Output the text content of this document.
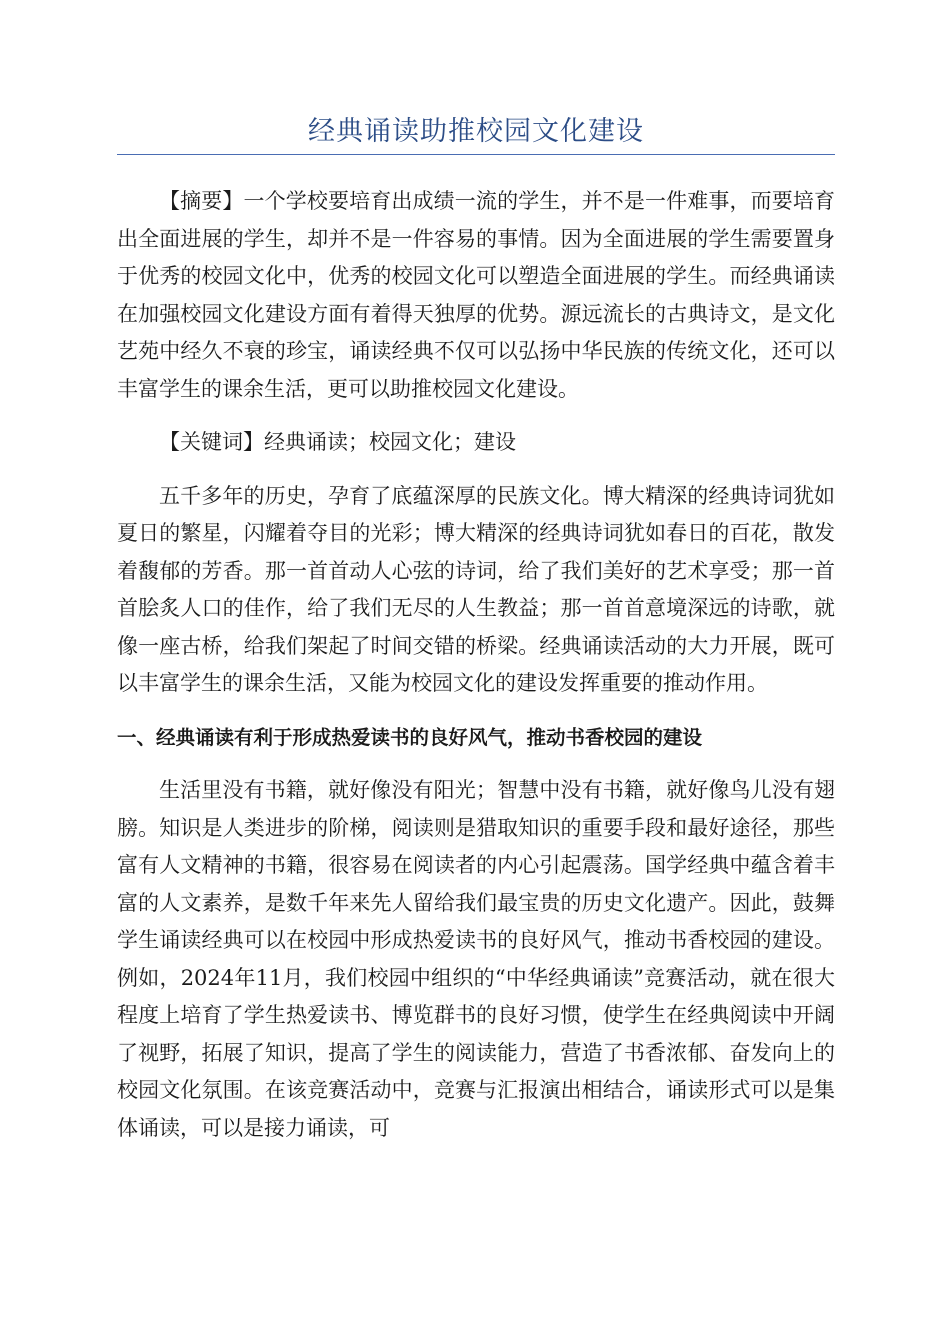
经典诵读助推校园文化建设

【摘要】一个学校要培育出成绩一流的学生，并不是一件难事，而要培育出全面进展的学生，却并不是一件容易的事情。因为全面进展的学生需要置身于优秀的校园文化中，优秀的校园文化可以塑造全面进展的学生。而经典诵读在加强校园文化建设方面有着得天独厚的优势。源远流长的古典诗文，是文化艺苑中经久不衰的珍宝，诵读经典不仅可以弘扬中华民族的传统文化，还可以丰富学生的课余生活，更可以助推校园文化建设。

【关键词】经典诵读；校园文化；建设

五千多年的历史，孕育了底蕴深厚的民族文化。博大精深的经典诗词犹如夏日的繁星，闪耀着夺目的光彩；博大精深的经典诗词犹如春日的百花，散发着馥郁的芳香。那一首首动人心弦的诗词，给了我们美好的艺术享受；那一首首脍炙人口的佳作，给了我们无尽的人生教益；那一首首意境深远的诗歌，就像一座古桥，给我们架起了时间交错的桥梁。经典诵读活动的大力开展，既可以丰富学生的课余生活，又能为校园文化的建设发挥重要的推动作用。

一、经典诵读有利于形成热爱读书的良好风气，推动书香校园的建设

生活里没有书籍，就好像没有阳光；智慧中没有书籍，就好像鸟儿没有翅膀。知识是人类进步的阶梯，阅读则是猎取知识的重要手段和最好途径，那些富有人文精神的书籍，很容易在阅读者的内心引起震荡。国学经典中蕴含着丰富的人文素养，是数千年来先人留给我们最宝贵的历史文化遗产。因此，鼓舞学生诵读经典可以在校园中形成热爱读书的良好风气，推动书香校园的建设。例如，2024年11月，我们校园中组织的“中华经典诵读”竞赛活动，就在很大程度上培育了学生热爱读书、博览群书的良好习惯，使学生在经典阅读中开阔了视野，拓展了知识，提高了学生的阅读能力，营造了书香浓郁、奋发向上的校园文化氛围。在该竞赛活动中，竞赛与汇报演出相结合，诵读形式可以是集体诵读，可以是接力诵读，可
